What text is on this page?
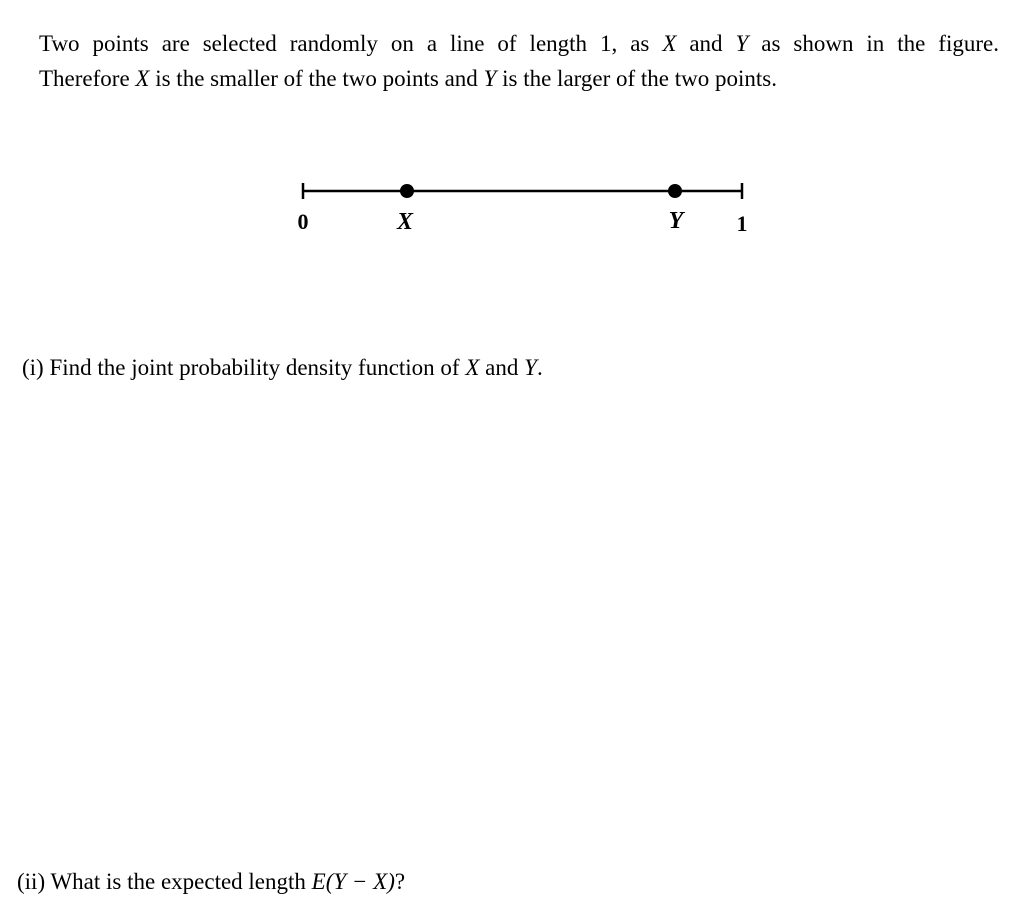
Two points are selected randomly on a line of length 1, as X and Y as shown in the figure.
Therefore X is the smaller of the two points and Y is the larger of the two points.
0	X	Y 1

(i) Find the joint probability density function of X and Y.

(ii) What is the expected length E(Y − X)?
